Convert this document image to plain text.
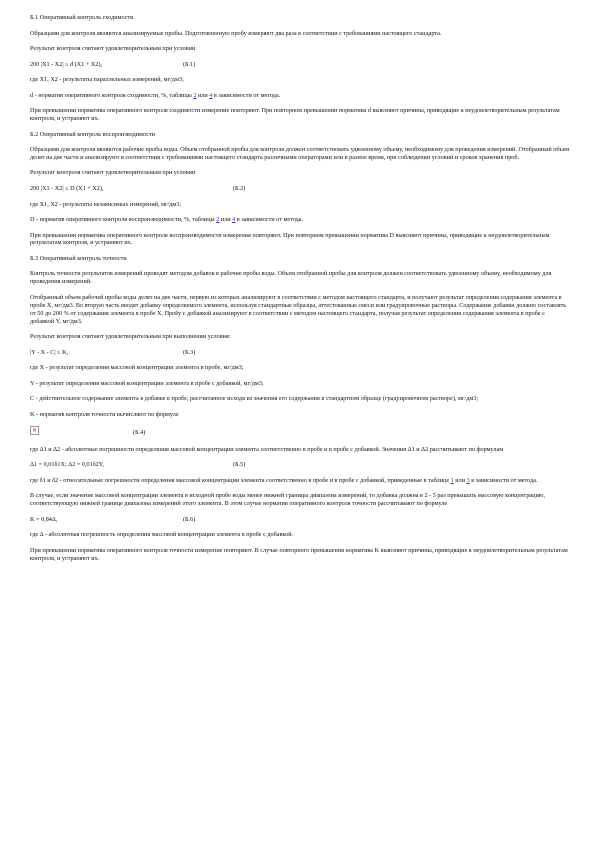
Б.1 Оперативный контроль сходимости
Образцами для контроля являются анализируемые пробы. Подготовленную пробу измеряют два раза в соответствии с требованиями настоящего стандарта.
Результат контроля считают удовлетворительным при условии
200 |Х1 - Х2| ≤ d (Х1 + Х2),	(Б.1)
где Х1, Х2 - результаты параллельных измерений, мг/дм3;
d - норматив оперативного контроля сходимости, %, таблицы 2 или 4 в зависимости от метода.
При превышении норматива оперативного контроля сходимости измерение повторяют. При повторном превышении норматива d выясняют причины, приводящие к неудовлетворительным результатам контроля, и устраняют их.
Б.2 Оперативный контроль воспроизводимости
Образцами для контроля являются рабочие пробы воды. Объем отобранной пробы для контроля должен соответствовать удвоенному объему, необходимому для проведения измерений. Отобранный объем делят на две части и анализируют в соответствии с требованиями настоящего стандарта различными операторами или в разное время, при соблюдении условий и сроков хранения проб.
Результат контроля считают удовлетворительным при условии
200 |Х1 - Х2| ≤ D (Х1 + Х2),	(Б.2)
где Х1, Х2 - результаты независимых измерений, мг/дм3;
D - норматив оперативного контроля воспроизводимости, %, таблицы 2 или 4 в зависимости от метода.
При превышении норматива оперативного контроля воспроизводимости измерения повторяют. При повторном превышении норматива D выясняют причины, приводящие к неудовлетворительным результатам контроля, и устраняют их.
Б.3 Оперативный контроль точности
Контроль точности результатов измерений проводят методом добавок в рабочие пробы воды. Объем отобранной пробы для контроля должен соответствовать удвоенному объему, необходимому для проведения измерений.
Отобранный объем рабочей пробы воды делят на две части, первую из которых анализируют в соответствии с методом настоящего стандарта, и получают результат определения содержания элемента в пробе Х, мг/дм3. Во вторую часть вводят добавку определяемого элемента, используя стандартные образцы, аттестованные смеси или градуировочные растворы. Содержание добавки должно составлять от 50 до 200 % от содержания элемента в пробе Х. Пробу с добавкой анализируют в соответствии с методом настоящего стандарта, получая результат определения содержания элемента в пробе с добавкой Y, мг/дм3.
Результат контроля считают удовлетворительным при выполнении условия:
|Y - Х - С| ≤ K,	(Б.3)
где Х - результат определения массовой концентрации элемента в пробе, мг/дм3;
Y - результат определения массовой концентрации элемента в пробе с добавкой, мг/дм3;
С - действительное содержание элемента в добавке к пробе, рассчитанное исходя из значения его содержания в стандартном образце (градуировочном растворе), мг/дм3;
K - норматив контроля точности вычисляют по формуле
×	(Б.4)
где Δ1 и Δ2 - абсолютные погрешности определения массовой концентрации элемента соответственно в пробе и в пробе с добавкой. Значения Δ1 и Δ2 рассчитывают по формулам
Δ1 = 0,01δ1Х; Δ2 = 0,01δ2Y,	(Б.5)
где δ1 и δ2 - относительные погрешности определения массовой концентрации элемента соответственно в пробе и в пробе с добавкой, приведенные в таблице 1 или 3 в зависимости от метода.
В случае, если значение массовой концентрации элемента в исходной пробе воды менее нижней границы диапазона измерений, то добавка должна в 2 - 5 раз превышать массовую концентрацию, соответствующую нижней границе диапазона измерений этого элемента. В этом случае норматив оперативного контроля точности рассчитывают по формуле
K = 0,84Δ,	(Б.6)
где Δ - абсолютная погрешность определения массовой концентрации элемента в пробе с добавкой.
При превышении норматива оперативного контроля точности измерение повторяют. В случае повторного превышения норматива K выясняют причины, приводящие к неудовлетворительным результатам контроля, и устраняют их.
